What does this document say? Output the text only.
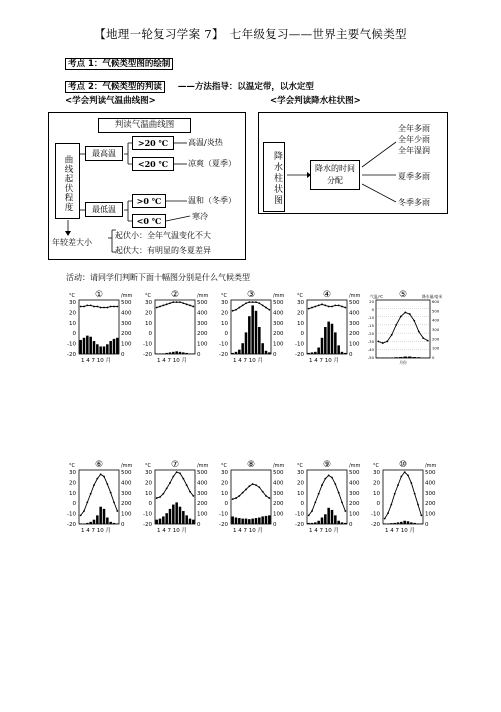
【地理一轮复习学案 7】　七年级复习——世界主要气候类型
考点 1：气候类型图的绘制
考点 2：气候类型的判读 ——方法指导：以温定带，以水定型
<学会判读气温曲线图>	<学会判读降水柱状图>
判读气温曲线图
曲线起伏程度
最高温
最低温
>20 ℃
<20 ℃
>0 ℃
<0 ℃
高温/炎热
凉爽（夏季）
温和（冬季）
寒冷
年较差大小
起伏小：全年气温变化不大
起伏大：有明显的冬夏差异
降水柱状图	降水的时间分配
全年多雨
全年少雨
全年湿润
夏季多雨
冬季多雨
活动：请同学们判断下面十幅图分别是什么气候类型
①
°C	/mm
30
20
10
0
-10
-20
500
400
300
200
100
0
1 4 7 10 月
②
°C	/mm
30
20
10
0
-10
-20
500
400
300
200
100
0
1 4 7 10 月
③
°C	/mm
30
20
10
0
-10
-20
500
400
300
200
100
0
1 4 7 10 月
④
°C	/mm
30
20
10
0
-10
-20
500
400
300
200
100
0
1 4 7 10 月
⑤
气温/℃	降水量/毫米
20
0
-10
-15
-20
-30
-40
-50
600
500
400
300
200
100
0
月份
⑥
°C	/mm
30
20
10
0
-10
-20
500
400
300
200
100
0
1 4 7 10 月
⑦
°C	/mm
30
20
10
0
-10
-20
500
400
300
200
100
0
1 4 7 10 月
⑧
°C	/mm
30
20
10
0
-10
-20
500
400
300
200
100
0
1 4 7 10 月
⑨
°C	/mm
30
20
10
0
-10
-20
500
400
300
200
100
0
1 4 7 10 月
⑩
°C	/mm
30
20
10
0
-10
-20
500
400
300
200
100
0
1 4 7 10 月
